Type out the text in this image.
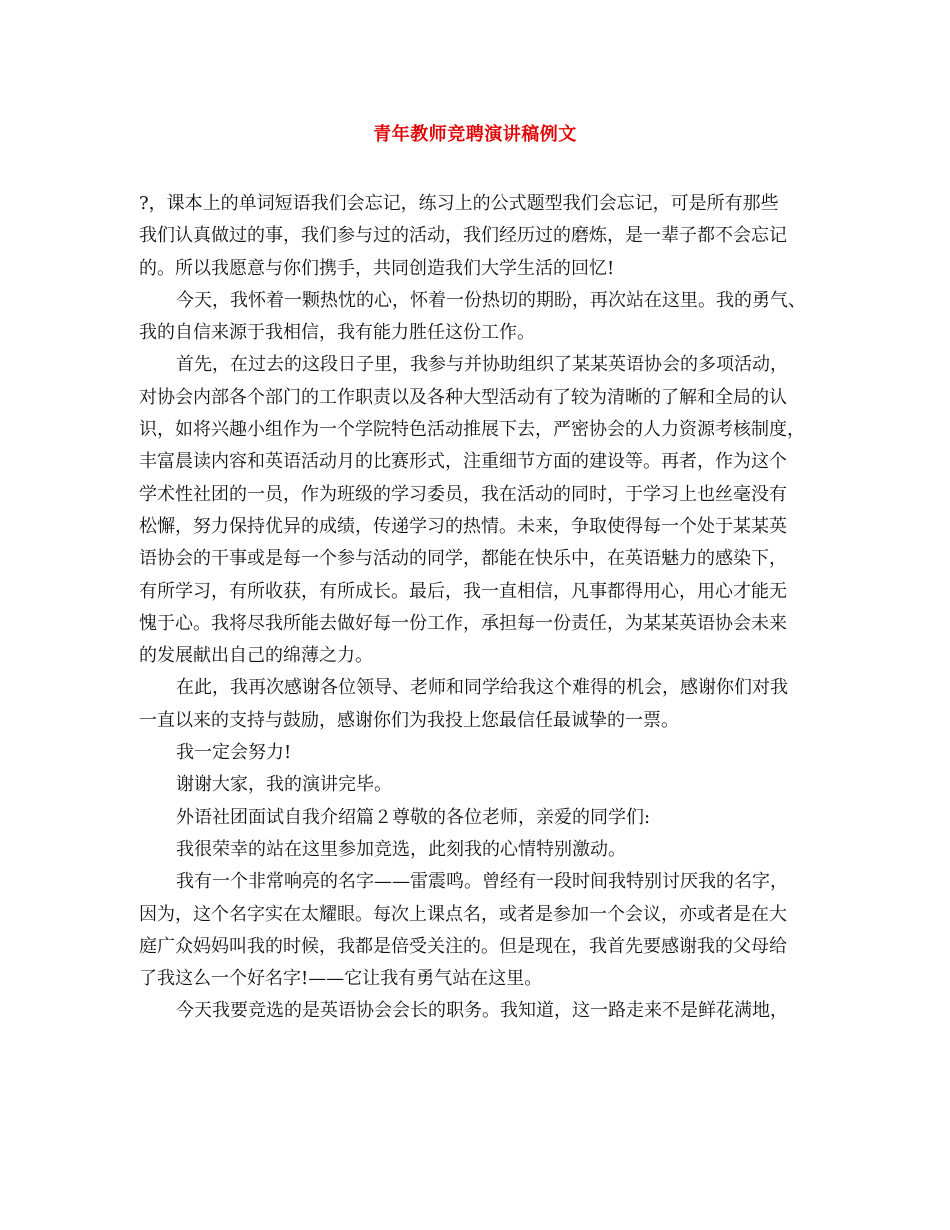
青年教师竞聘演讲稿例文
?，课本上的单词短语我们会忘记，练习上的公式题型我们会忘记，可是所有那些
我们认真做过的事，我们参与过的活动，我们经历过的磨炼，是一辈子都不会忘记
的。所以我愿意与你们携手，共同创造我们大学生活的回忆!
今天，我怀着一颗热忱的心，怀着一份热切的期盼，再次站在这里。我的勇气、
我的自信来源于我相信，我有能力胜任这份工作。
首先，在过去的这段日子里，我参与并协助组织了某某英语协会的多项活动，
对协会内部各个部门的工作职责以及各种大型活动有了较为清晰的了解和全局的认
识，如将兴趣小组作为一个学院特色活动推展下去，严密协会的人力资源考核制度，
丰富晨读内容和英语活动月的比赛形式，注重细节方面的建设等。再者，作为这个
学术性社团的一员，作为班级的学习委员，我在活动的同时，于学习上也丝毫没有
松懈，努力保持优异的成绩，传递学习的热情。未来，争取使得每一个处于某某英
语协会的干事或是每一个参与活动的同学，都能在快乐中，在英语魅力的感染下，
有所学习，有所收获，有所成长。最后，我一直相信，凡事都得用心，用心才能无
愧于心。我将尽我所能去做好每一份工作，承担每一份责任，为某某英语协会未来
的发展献出自己的绵薄之力。
在此，我再次感谢各位领导、老师和同学给我这个难得的机会，感谢你们对我
一直以来的支持与鼓励，感谢你们为我投上您最信任最诚挚的一票。
我一定会努力!
谢谢大家，我的演讲完毕。
外语社团面试自我介绍篇２尊敬的各位老师，亲爱的同学们:
我很荣幸的站在这里参加竞选，此刻我的心情特别激动。
我有一个非常响亮的名字——雷震鸣。曾经有一段时间我特别讨厌我的名字，
因为，这个名字实在太耀眼。每次上课点名，或者是参加一个会议，亦或者是在大
庭广众妈妈叫我的时候，我都是倍受关注的。但是现在，我首先要感谢我的父母给
了我这么一个好名字!——它让我有勇气站在这里。
今天我要竞选的是英语协会会长的职务。我知道，这一路走来不是鲜花满地，
